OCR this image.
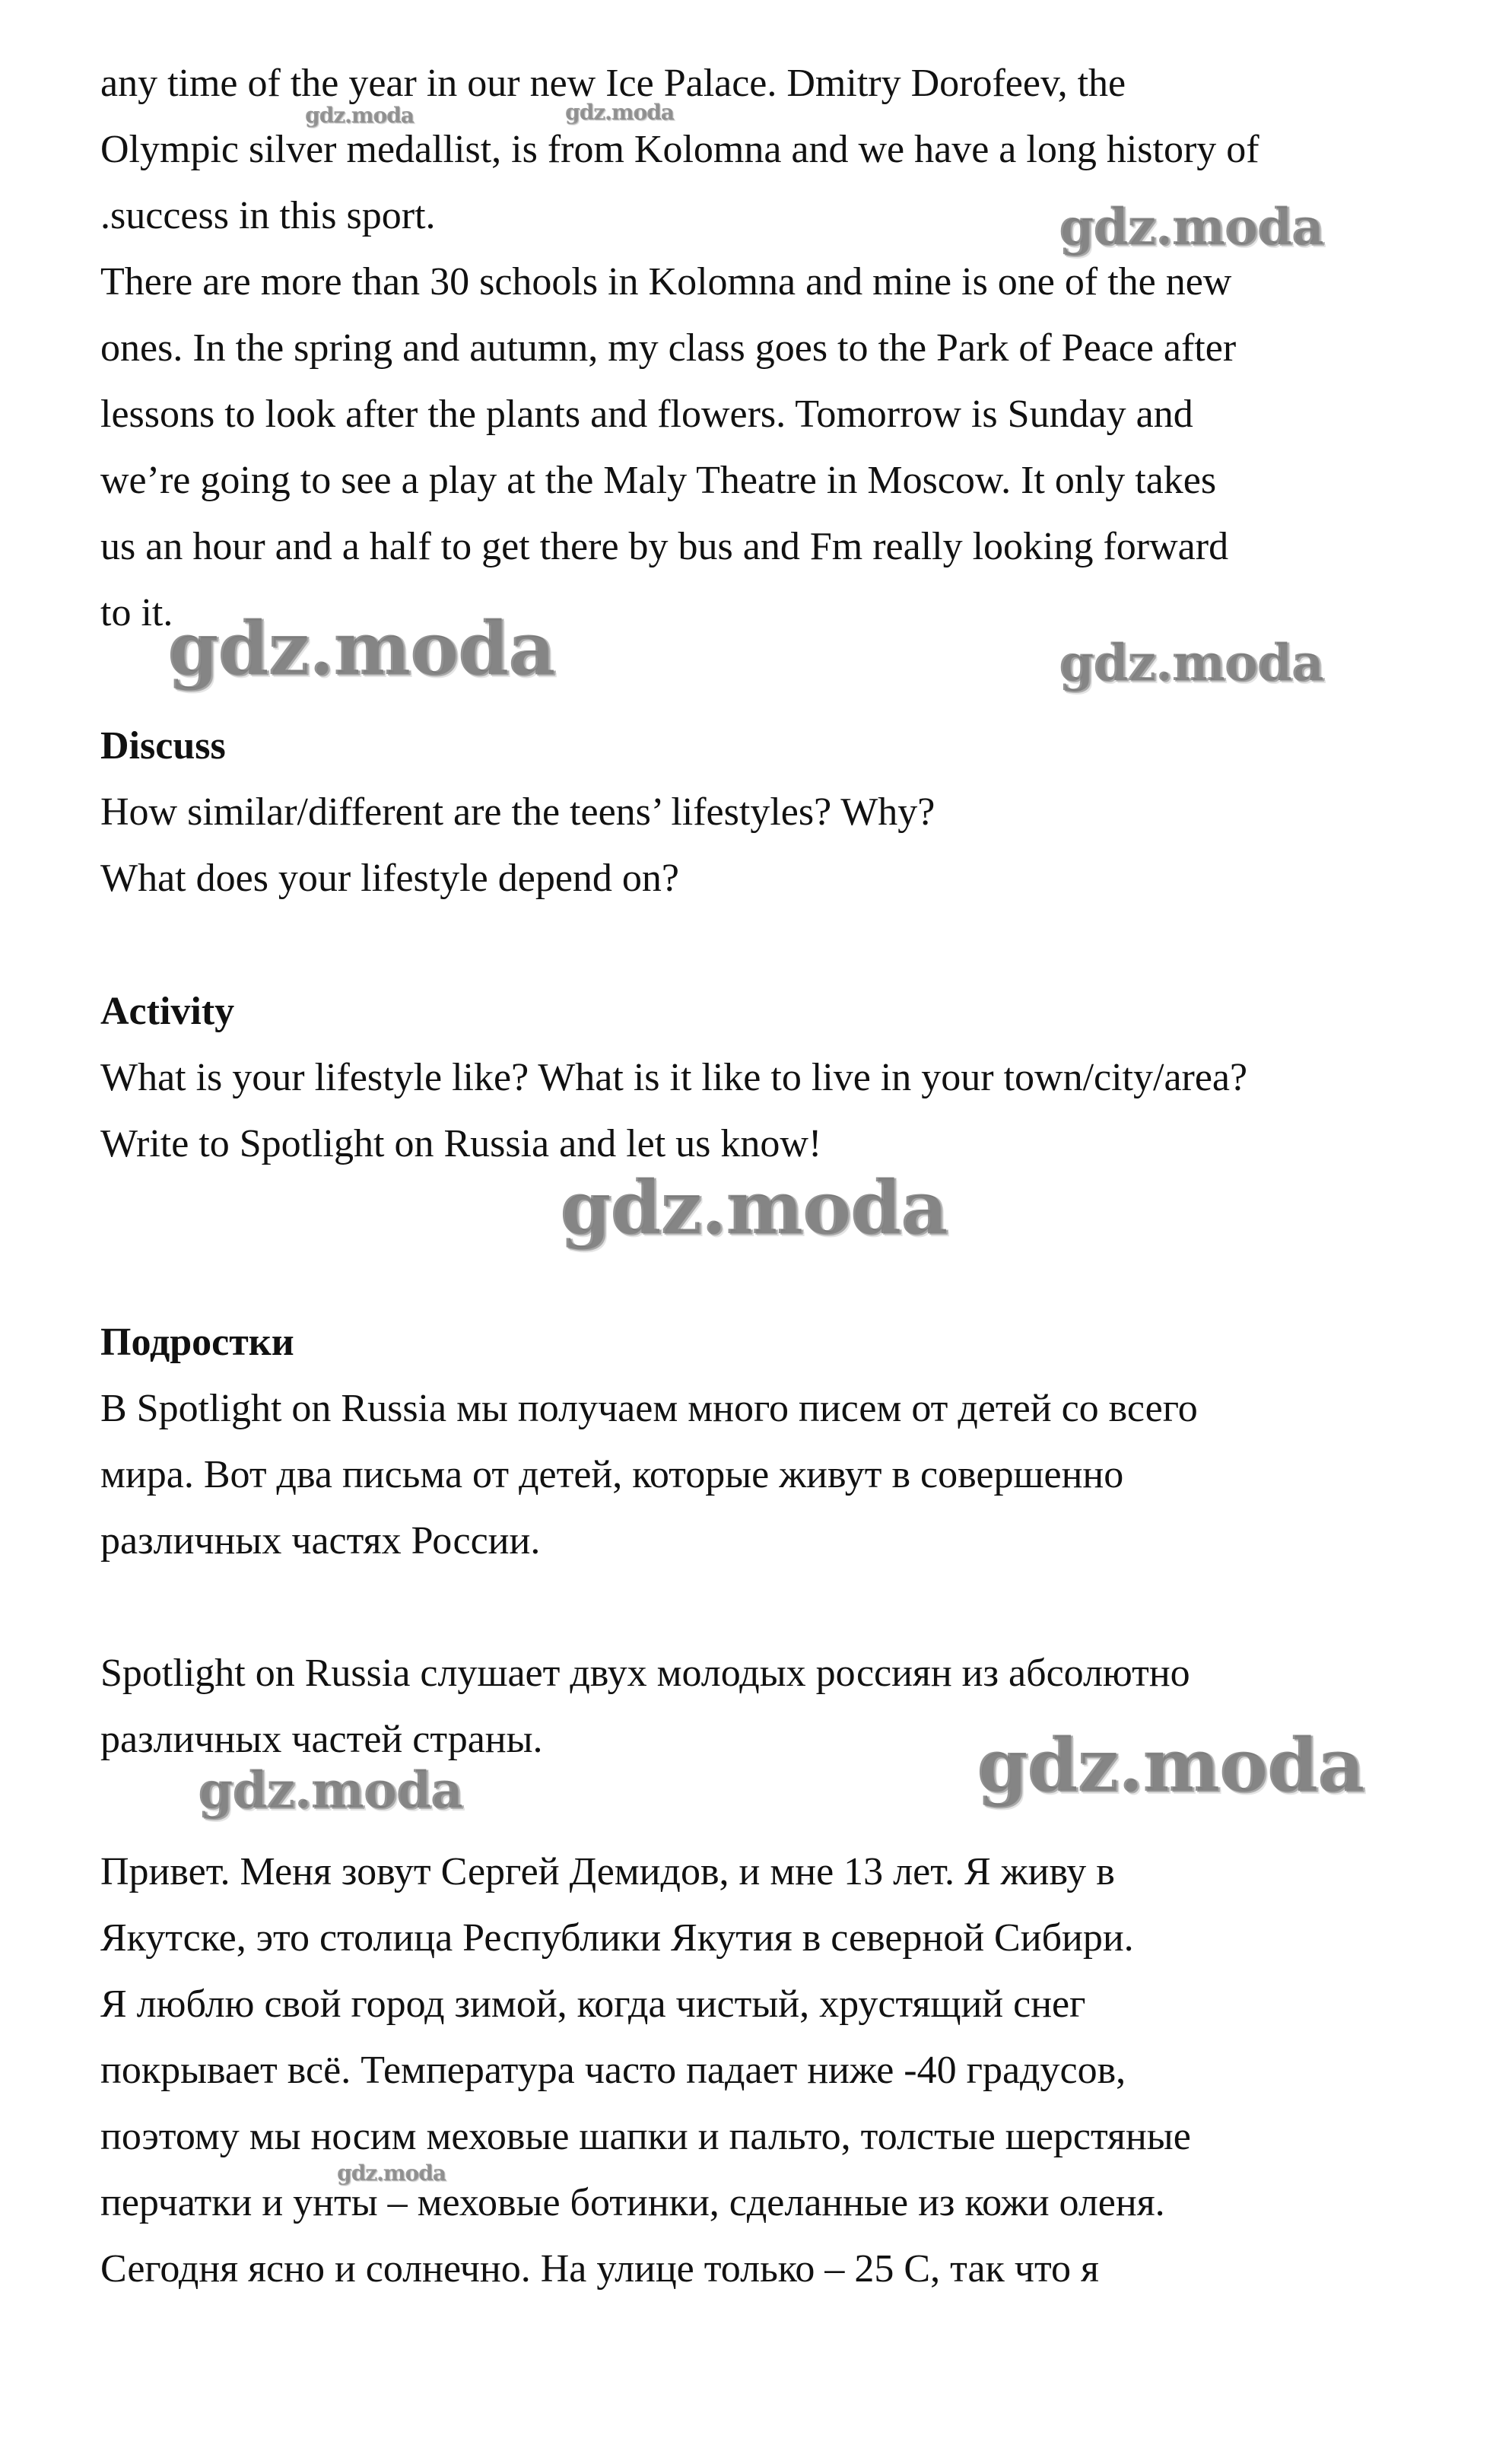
any time of the year in our new Ice Palace. Dmitry Dorofeev, the
Olympic silver medallist, is from Kolomna and we have a long history of
.success in this sport.
There are more than 30 schools in Kolomna and mine is one of the new
ones. In the spring and autumn, my class goes to the Park of Peace after
lessons to look after the plants and flowers. Tomorrow is Sunday and
we’re going to see a play at the Maly Theatre in Moscow. It only takes
us an hour and a half to get there by bus and Fm really looking forward
to it.
Discuss
How similar/different are the teens’ lifestyles? Why?
What does your lifestyle depend on?
Activity
What is your lifestyle like? What is it like to live in your town/city/area?
Write to Spotlight on Russia and let us know!
Подростки
В Spotlight on Russia мы получаем много писем от детей со всего
мира. Вот два письма от детей, которые живут в совершенно
различных частях России.
Spotlight on Russia слушает двух молодых россиян из абсолютно
различных частей страны.
Привет. Меня зовут Сергей Демидов, и мне 13 лет. Я живу в
Якутске, это столица Республики Якутия в северной Сибири.
Я люблю свой город зимой, когда чистый, хрустящий снег
покрывает всё. Температура часто падает ниже -40 градусов,
поэтому мы носим меховые шапки и пальто, толстые шерстяные
перчатки и унты – меховые ботинки, сделанные из кожи оленя.
Сегодня ясно и солнечно. На улице только – 25 С, так что я
gdz.moda	gdz.moda
gdz.moda
gdz.moda	gdz.moda
gdz.moda
gdz.moda
gdz.moda
gdz.moda
